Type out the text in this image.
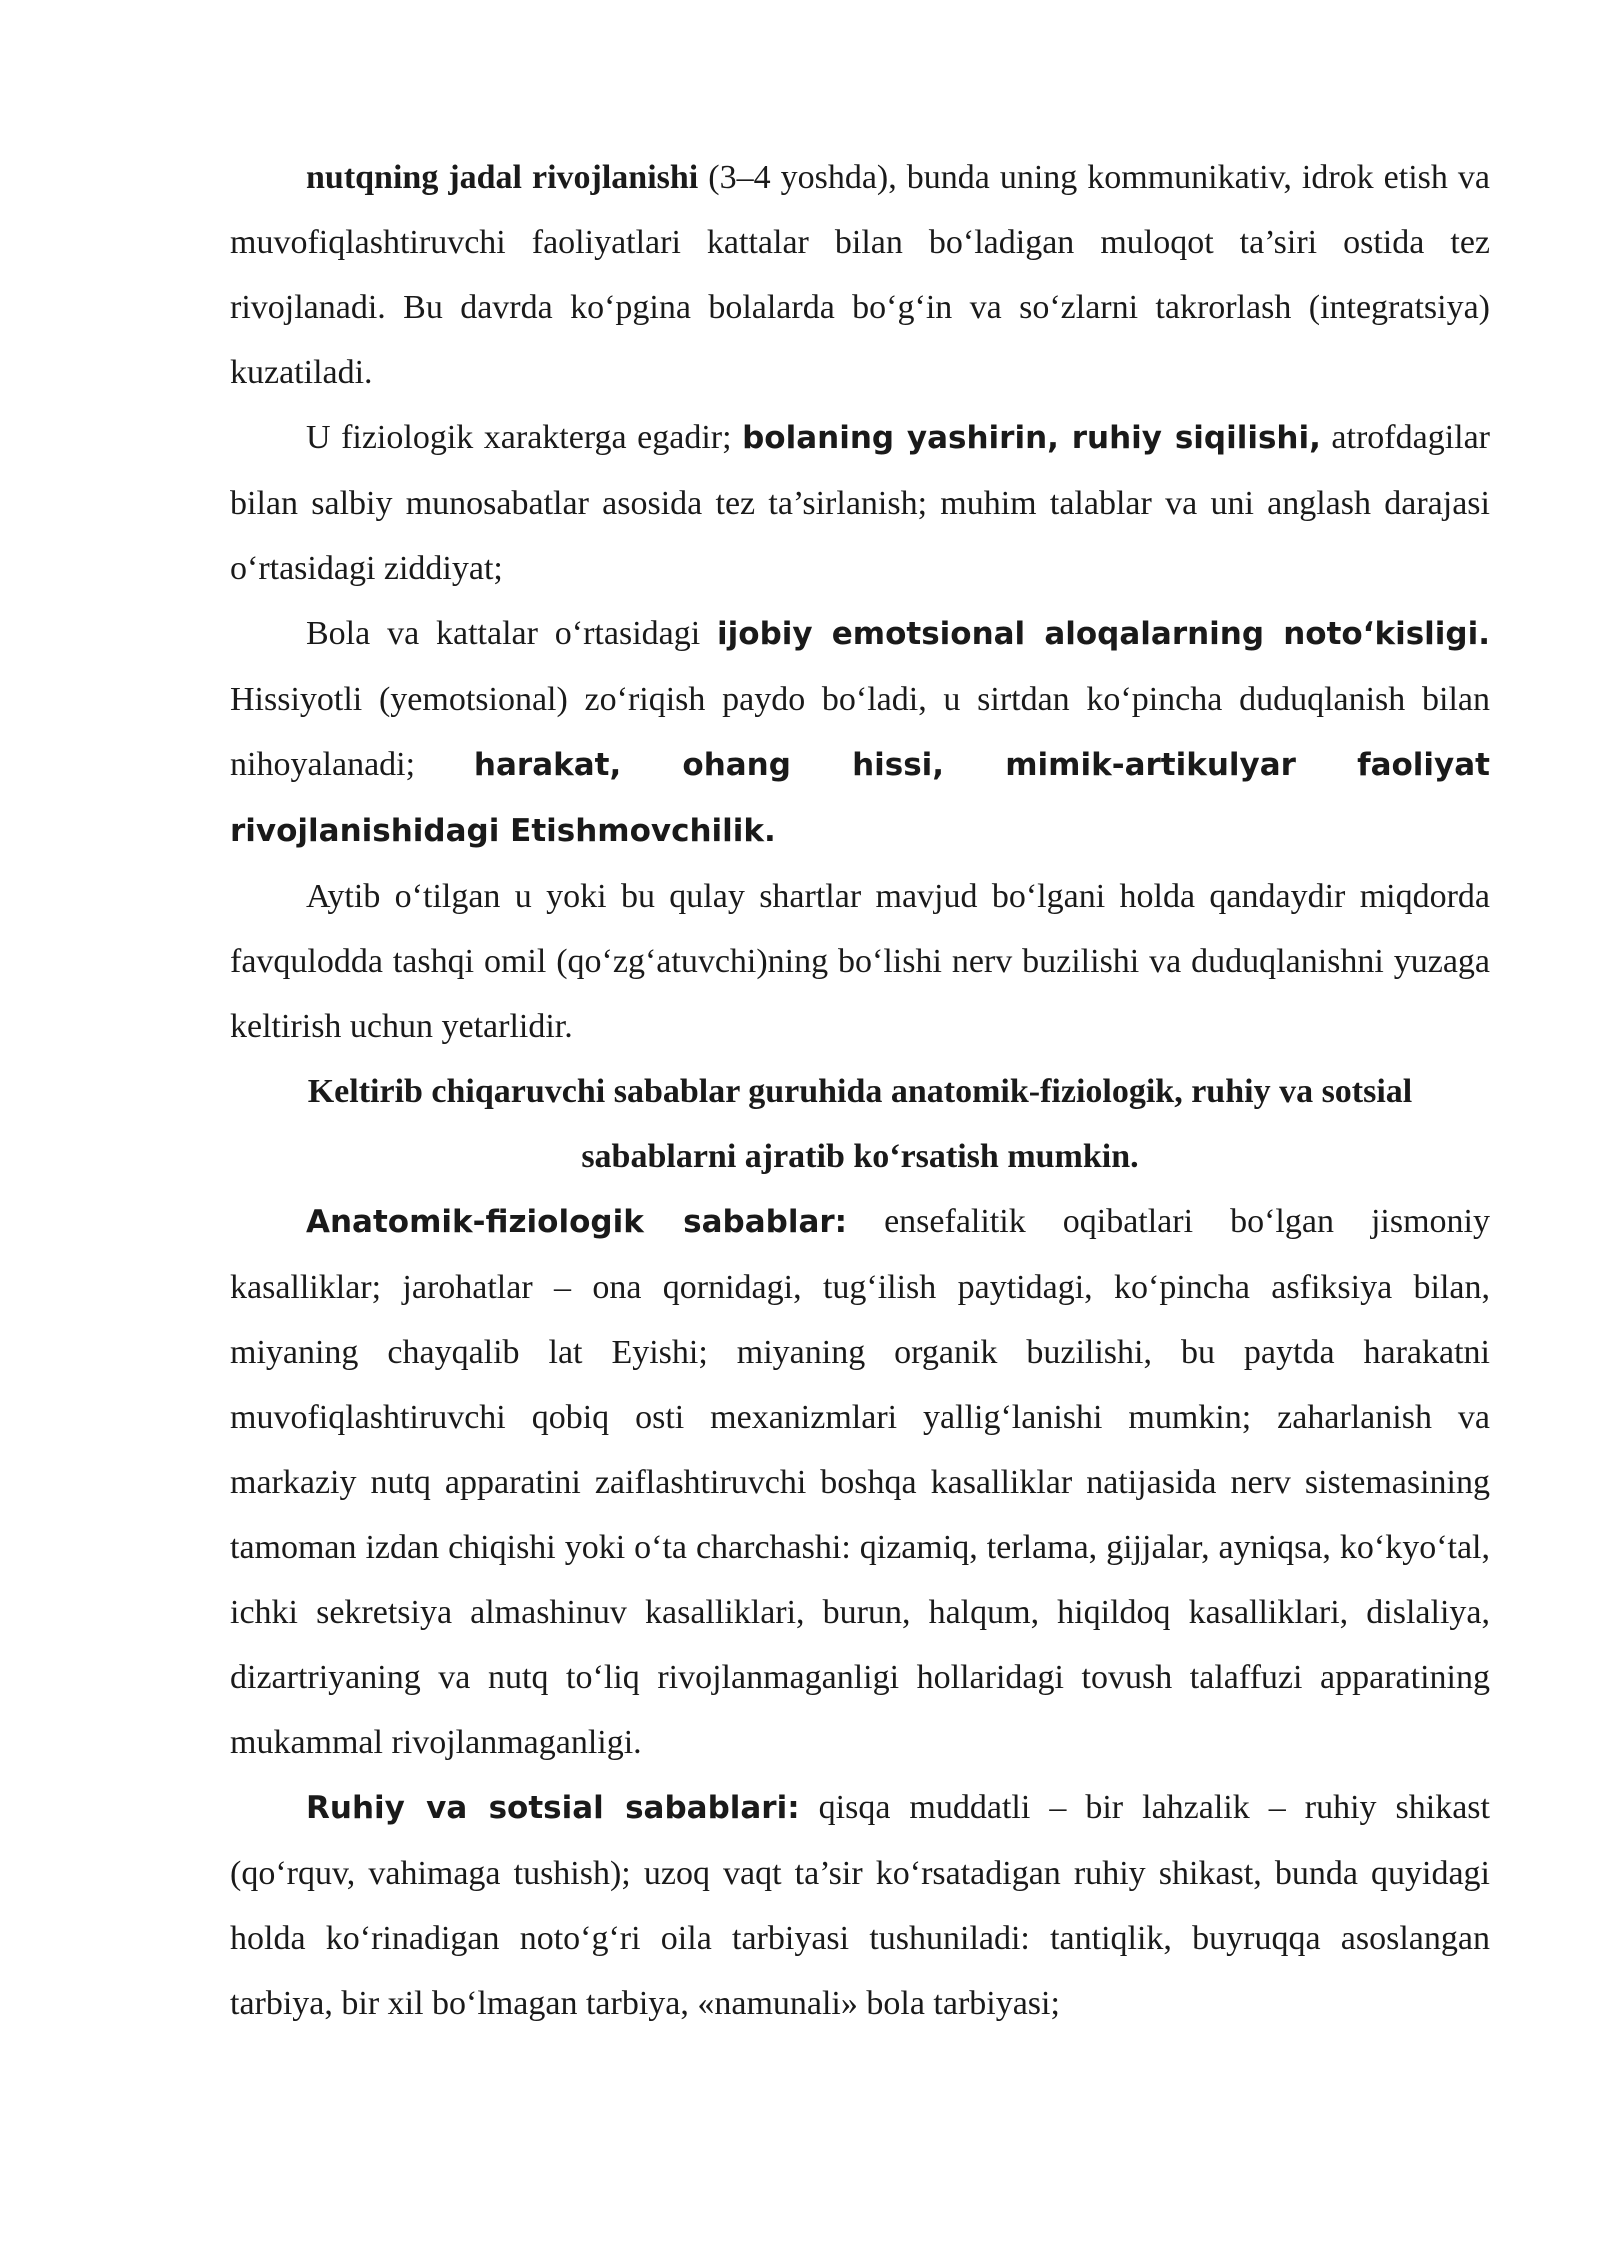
nutqning jadal rivojlanishi (3–4 yoshda), bunda uning kommunikativ, idrok etish va muvofiqlashtiruvchi faoliyatlari kattalar bilan bo‘ladigan muloqot ta’siri ostida tez rivojlanadi. Bu davrda ko‘pgina bolalarda bo‘g‘in va so‘zlarni takrorlash (integratsiya) kuzatiladi.

U fiziologik xarakterga egadir; bolaning yashirin, ruhiy siqilishi, atrofdagilar bilan salbiy munosabatlar asosida tez ta’sirlanish; muhim talablar va uni anglash darajasi o‘rtasidagi ziddiyat;

Bola va kattalar o‘rtasidagi ijobiy emotsional aloqalarning noto‘kisligi. Hissiyotli (yemotsional) zo‘riqish paydo bo‘ladi, u sirtdan ko‘pincha duduqlanish bilan nihoyalanadi; harakat, ohang hissi, mimik-artikulyar faoliyat rivojlanishidagi Etishmovchilik.

Aytib o‘tilgan u yoki bu qulay shartlar mavjud bo‘lgani holda qandaydir miqdorda favqulodda tashqi omil (qo‘zg‘atuvchi)ning bo‘lishi nerv buzilishi va duduqlanishni yuzaga keltirish uchun yetarlidir.

Keltirib chiqaruvchi sabablar guruhida anatomik-fiziologik, ruhiy va sotsial
sabablarni ajratib ko‘rsatish mumkin.

Anatomik-fiziologik sabablar: ensefalitik oqibatlari bo‘lgan jismoniy kasalliklar; jarohatlar – ona qornidagi, tug‘ilish paytidagi, ko‘pincha asfiksiya bilan, miyaning chayqalib lat Eyishi; miyaning organik buzilishi, bu paytda harakatni muvofiqlashtiruvchi qobiq osti mexanizmlari yallig‘lanishi mumkin; zaharlanish va markaziy nutq apparatini zaiflashtiruvchi boshqa kasalliklar natijasida nerv sistemasining tamoman izdan chiqishi yoki o‘ta charchashi: qizamiq, terlama, gijjalar, ayniqsa, ko‘kyo‘tal, ichki sekretsiya almashinuv kasalliklari, burun, halqum, hiqildoq kasalliklari, dislaliya, dizartriyaning va nutq to‘liq rivojlanmaganligi hollaridagi tovush talaffuzi apparatining mukammal rivojlanmaganligi.

Ruhiy va sotsial sabablari: qisqa muddatli – bir lahzalik – ruhiy shikast (qo‘rquv, vahimaga tushish); uzoq vaqt ta’sir ko‘rsatadigan ruhiy shikast, bunda quyidagi holda ko‘rinadigan noto‘g‘ri oila tarbiyasi tushuniladi: tantiqlik, buyruqqa asoslangan tarbiya, bir xil bo‘lmagan tarbiya, «namunali» bola tarbiyasi;
